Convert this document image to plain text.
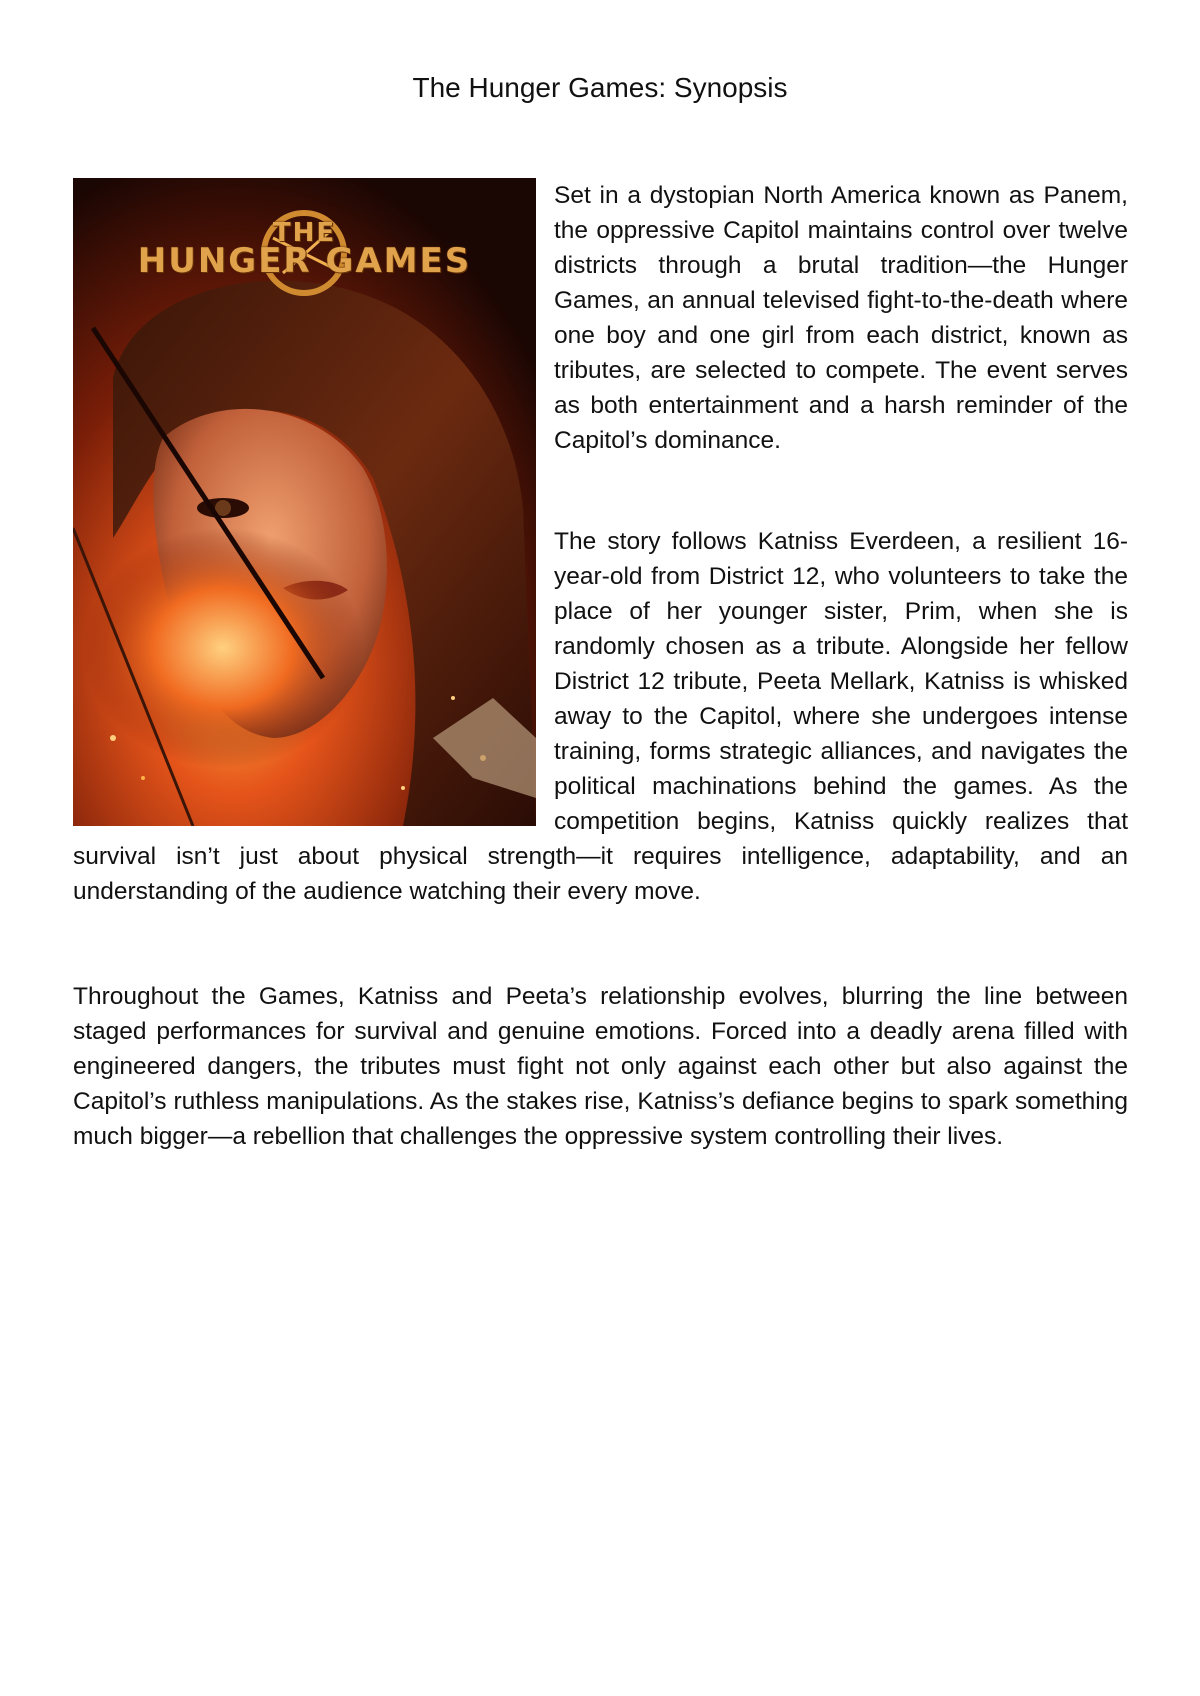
The Hunger Games: Synopsis
THE
HUNGER GAMES

Set in a dystopian North America known as Panem, the oppressive Capitol maintains control over twelve districts through a brutal tradition—the Hunger Games, an annual televised fight-to-the-death where one boy and one girl from each district, known as tributes, are selected to compete. The event serves as both entertainment and a harsh reminder of the Capitol’s dominance.

The story follows Katniss Everdeen, a resilient 16-year-old from District 12, who volunteers to take the place of her younger sister, Prim, when she is randomly chosen as a tribute. Alongside her fellow District 12 tribute, Peeta Mellark, Katniss is whisked away to the Capitol, where she undergoes intense training, forms strategic alliances, and navigates the political machinations behind the games. As the competition begins, Katniss quickly realizes that survival isn’t just about physical strength—it requires intelligence, adaptability, and an understanding of the audience watching their every move.

Throughout the Games, Katniss and Peeta’s relationship evolves, blurring the line between staged performances for survival and genuine emotions. Forced into a deadly arena filled with engineered dangers, the tributes must fight not only against each other but also against the Capitol’s ruthless manipulations. As the stakes rise, Katniss’s defiance begins to spark something much bigger—a rebellion that challenges the oppressive system controlling their lives.
